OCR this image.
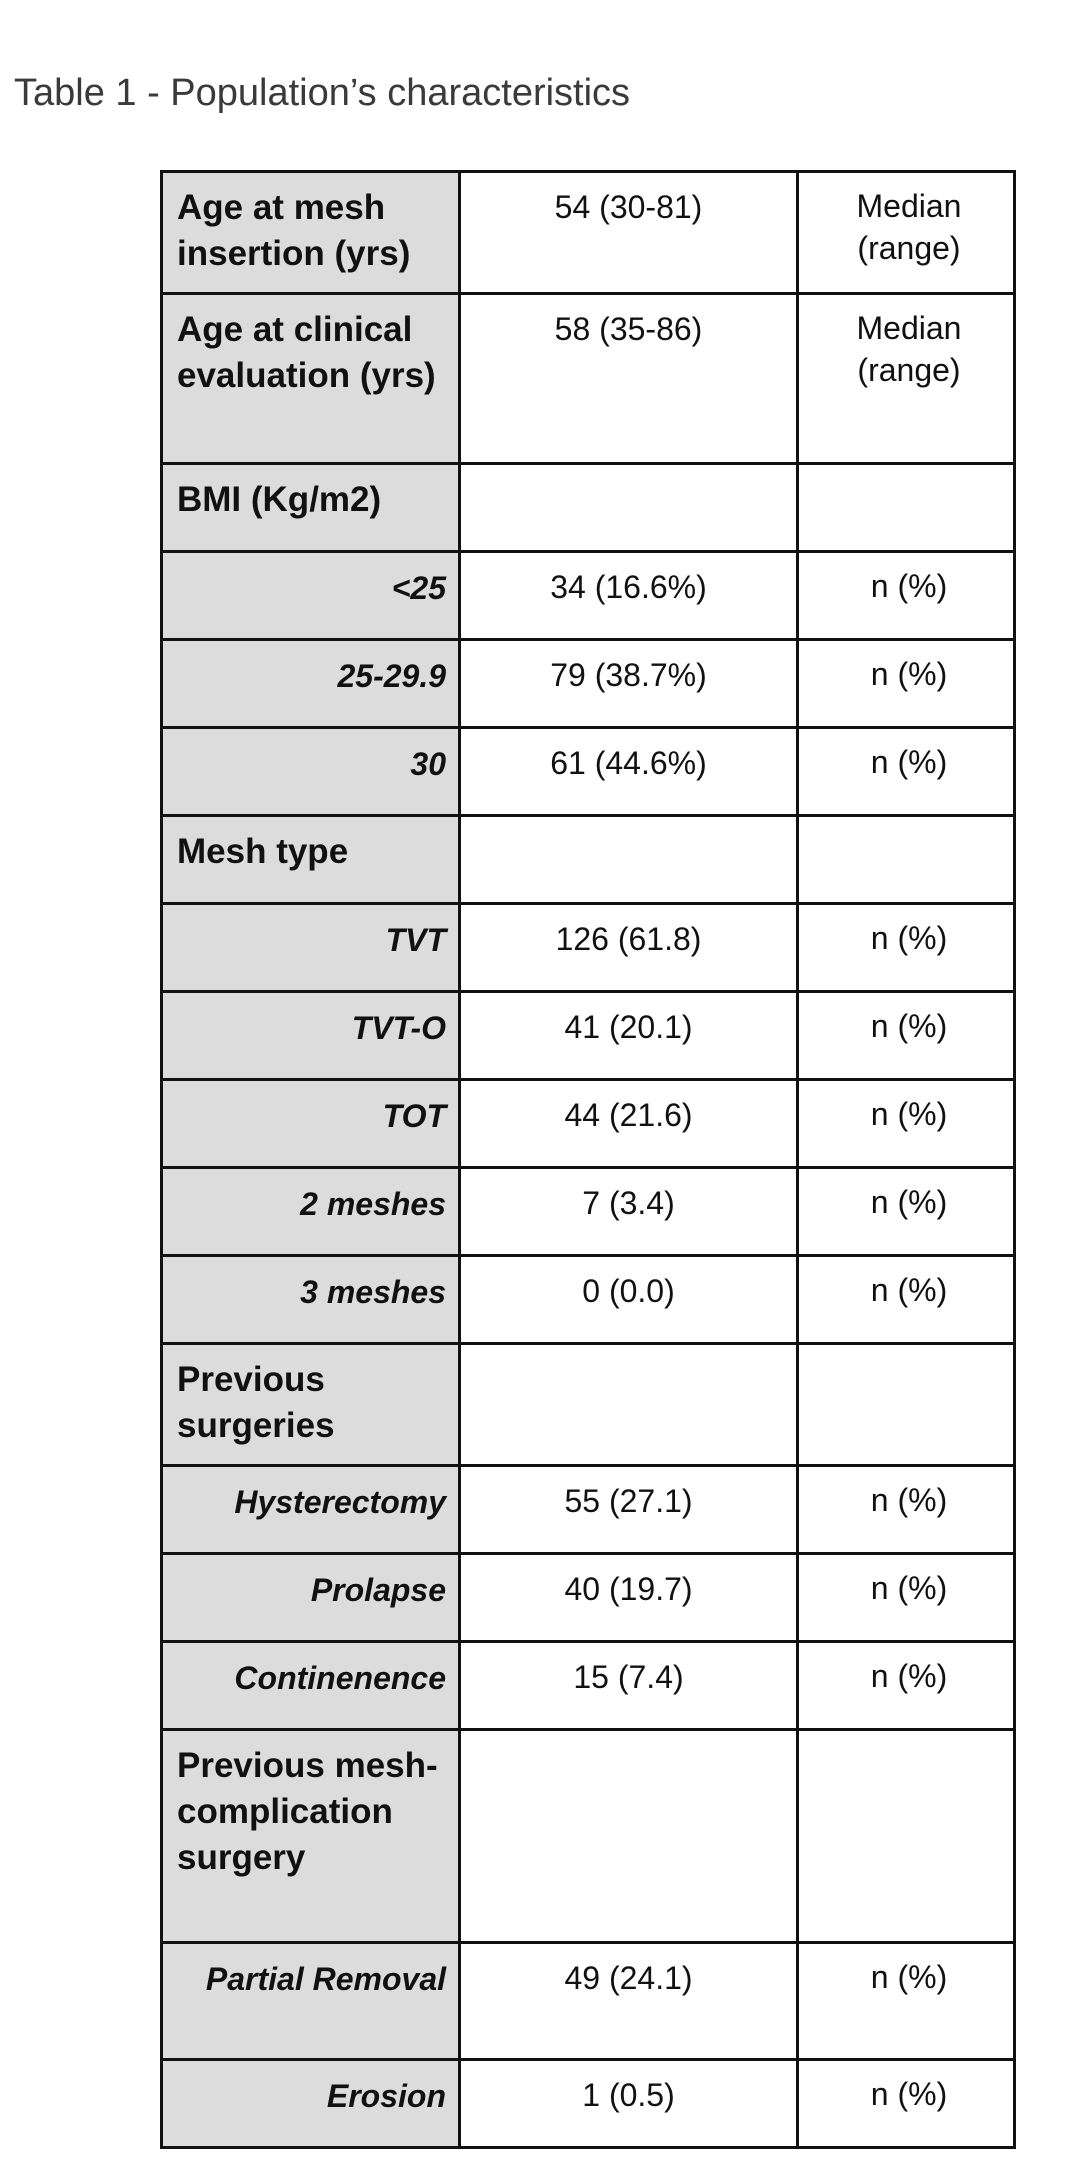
Table 1 - Population’s characteristics
Age at mesh insertion (yrs)	54 (30-81)	Median (range)
Age at clinical evaluation (yrs)	58 (35-86)	Median (range)
BMI (Kg/m2)		
<25	34 (16.6%)	n (%)
25-29.9	79 (38.7%)	n (%)
30	61 (44.6%)	n (%)
Mesh type		
TVT	126 (61.8)	n (%)
TVT-O	41 (20.1)	n (%)
TOT	44 (21.6)	n (%)
2 meshes	7 (3.4)	n (%)
3 meshes	0 (0.0)	n (%)
Previous surgeries		
Hysterectomy	55 (27.1)	n (%)
Prolapse	40 (19.7)	n (%)
Continenence	15 (7.4)	n (%)
Previous mesh-complication surgery		
Partial Removal	49 (24.1)	n (%)
Erosion	1 (0.5)	n (%)
